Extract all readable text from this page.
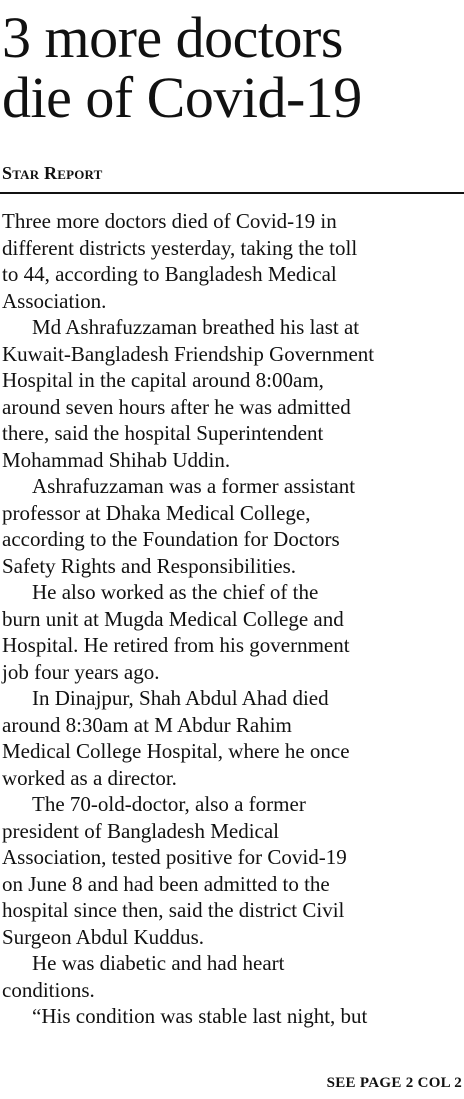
3 more doctors
die of Covid-19
Star Report

Three more doctors died of Covid-19 in
different districts yesterday, taking the toll
to 44, according to Bangladesh Medical
Association.

Md Ashrafuzzaman breathed his last at
Kuwait-Bangladesh Friendship Government
Hospital in the capital around 8:00am,
around seven hours after he was admitted
there, said the hospital Superintendent
Mohammad Shihab Uddin.

Ashrafuzzaman was a former assistant
professor at Dhaka Medical College,
according to the Foundation for Doctors
Safety Rights and Responsibilities.

He also worked as the chief of the
burn unit at Mugda Medical College and
Hospital. He retired from his government
job four years ago.

In Dinajpur, Shah Abdul Ahad died
around 8:30am at M Abdur Rahim
Medical College Hospital, where he once
worked as a director.

The 70-old-doctor, also a former
president of Bangladesh Medical
Association, tested positive for Covid-19
on June 8 and had been admitted to the
hospital since then, said the district Civil
Surgeon Abdul Kuddus.

He was diabetic and had heart
conditions.

“His condition was stable last night, but

SEE PAGE 2 COL 2
